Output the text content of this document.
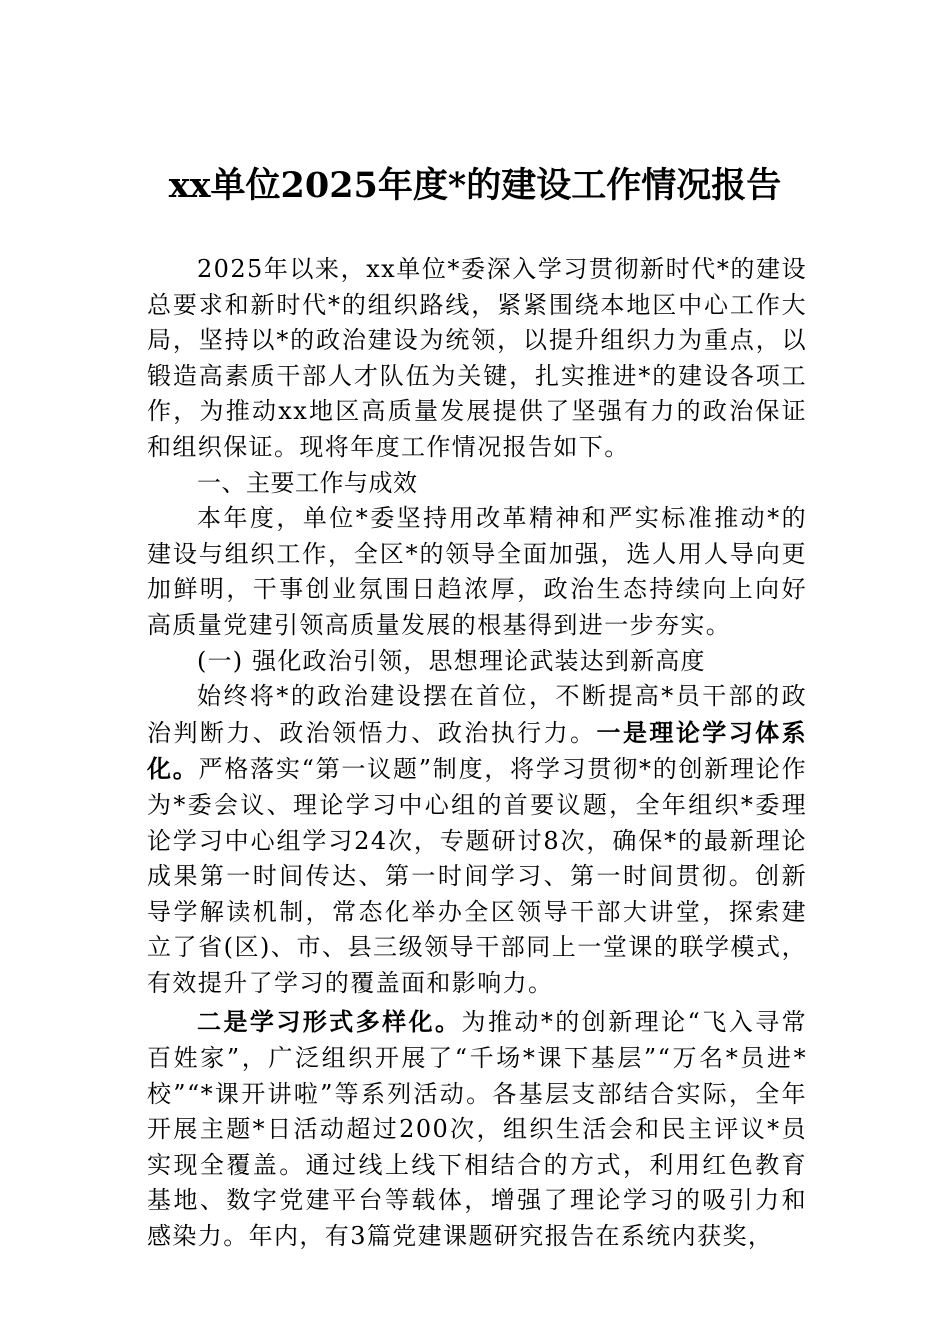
xx单位2025年度*的建设工作情况报告

2025年以来，xx单位*委深入学习贯彻新时代*的建设总要求和新时代*的组织路线，紧紧围绕本地区中心工作大局，坚持以*的政治建设为统领，以提升组织力为重点，以锻造高素质干部人才队伍为关键，扎实推进*的建设各项工作，为推动xx地区高质量发展提供了坚强有力的政治保证和组织保证。现将年度工作情况报告如下。

一、主要工作与成效

本年度，单位*委坚持用改革精神和严实标准推动*的建设与组织工作，全区*的领导全面加强，选人用人导向更加鲜明，干事创业氛围日趋浓厚，政治生态持续向上向好高质量党建引领高质量发展的根基得到进一步夯实。

(一) 强化政治引领，思想理论武装达到新高度

始终将*的政治建设摆在首位，不断提高*员干部的政治判断力、政治领悟力、政治执行力。一是理论学习体系化。严格落实“第一议题”制度，将学习贯彻*的创新理论作为*委会议、理论学习中心组的首要议题，全年组织*委理论学习中心组学习24次，专题研讨8次，确保*的最新理论成果第一时间传达、第一时间学习、第一时间贯彻。创新导学解读机制，常态化举办全区领导干部大讲堂，探索建立了省(区)、市、县三级领导干部同上一堂课的联学模式，有效提升了学习的覆盖面和影响力。

二是学习形式多样化。为推动*的创新理论“飞入寻常百姓家”，广泛组织开展了“千场*课下基层”“万名*员进*校”“*课开讲啦”等系列活动。各基层支部结合实际，全年开展主题*日活动超过200次，组织生活会和民主评议*员实现全覆盖。通过线上线下相结合的方式，利用红色教育基地、数字党建平台等载体，增强了理论学习的吸引力和感染力。年内，有3篇党建课题研究报告在系统内获奖，
